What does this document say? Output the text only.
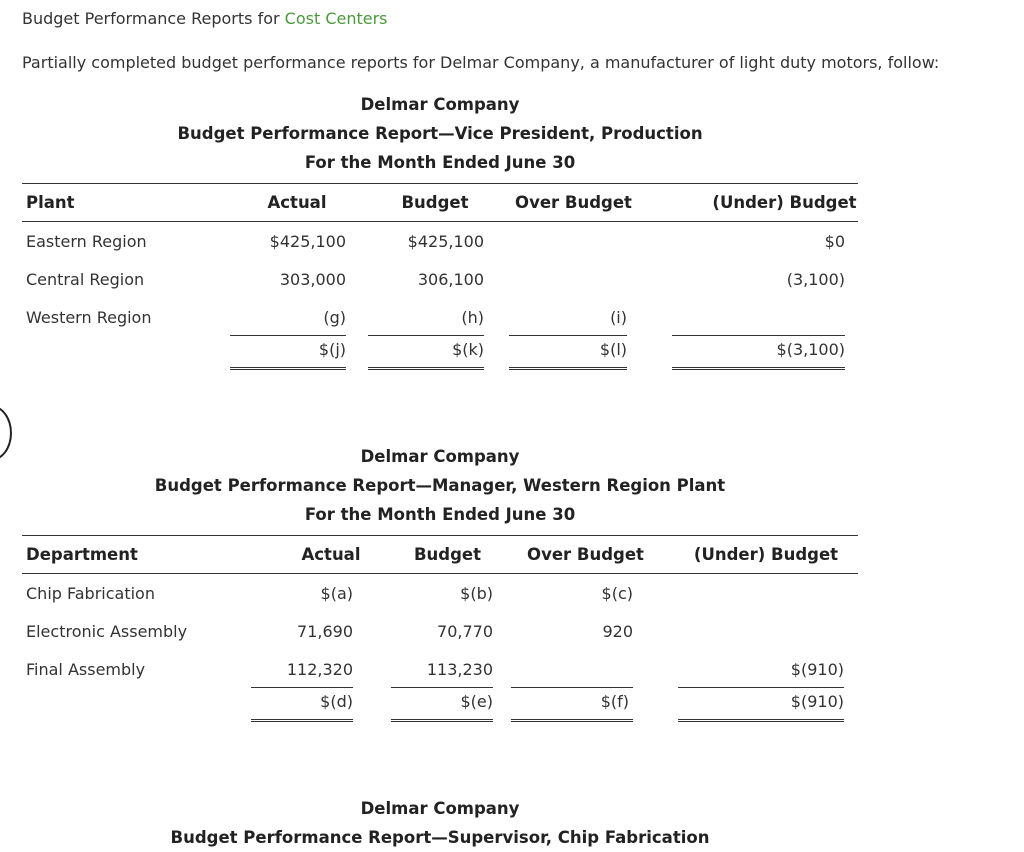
Budget Performance Reports for Cost Centers
Partially completed budget performance reports for Delmar Company, a manufacturer of light duty motors, follow:
Delmar Company
Budget Performance Report—Vice President, Production
For the Month Ended June 30
Plant	Actual	Budget	Over Budget	(Under) Budget
Eastern Region	$425,100	$425,100		$0

Central Region	303,000	306,100		(3,100)

Western Region	(g)	(h)	(i)	

	$(j)	$(k)	$(l)	$(3,100)
Delmar Company
Budget Performance Report—Manager, Western Region Plant
For the Month Ended June 30
Department	Actual	Budget	Over Budget	(Under) Budget
Chip Fabrication	$(a)	$(b)	$(c)	

Electronic Assembly	71,690	70,770	920	

Final Assembly	112,320	113,230		$(910)

	$(d)	$(e)	$(f)	$(910)
Delmar Company
Budget Performance Report—Supervisor, Chip Fabrication
